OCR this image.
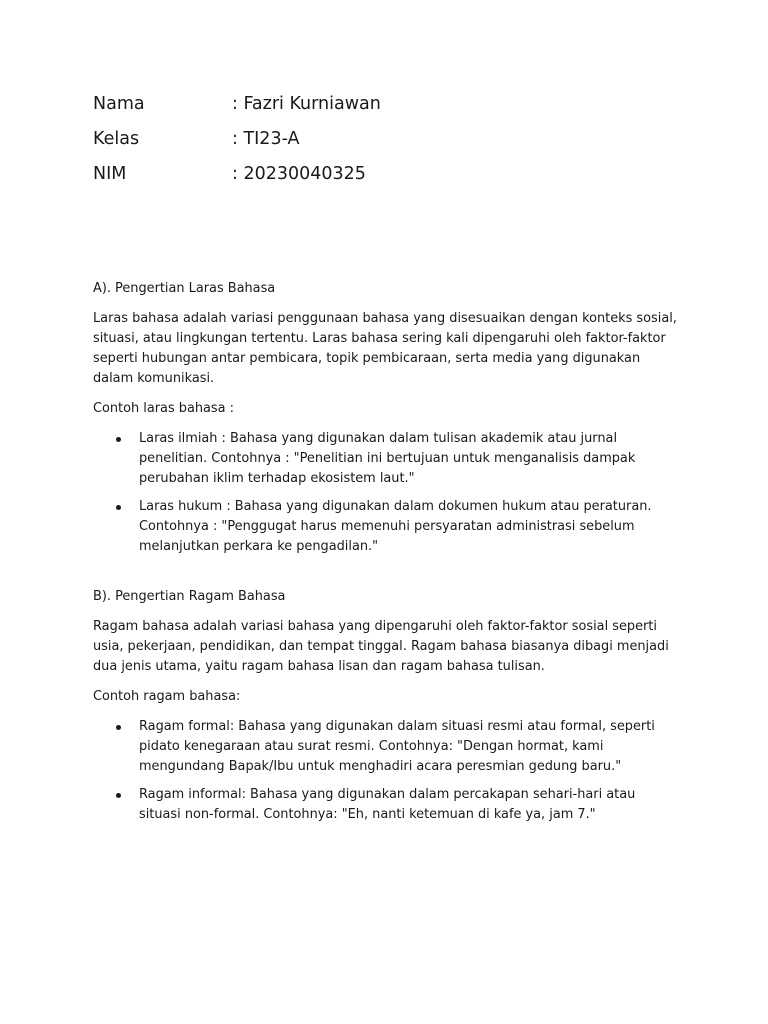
Nama	: Fazri Kurniawan
Kelas	: TI23-A
NIM	: 20230040325
A). Pengertian Laras Bahasa
Laras bahasa adalah variasi penggunaan bahasa yang disesuaikan dengan konteks sosial, situasi, atau lingkungan tertentu. Laras bahasa sering kali dipengaruhi oleh faktor-faktor seperti hubungan antar pembicara, topik pembicaraan, serta media yang digunakan dalam komunikasi.
Contoh laras bahasa :
Laras ilmiah : Bahasa yang digunakan dalam tulisan akademik atau jurnal penelitian. Contohnya : "Penelitian ini bertujuan untuk menganalisis dampak perubahan iklim terhadap ekosistem laut."
Laras hukum : Bahasa yang digunakan dalam dokumen hukum atau peraturan. Contohnya : "Penggugat harus memenuhi persyaratan administrasi sebelum melanjutkan perkara ke pengadilan."
B). Pengertian Ragam Bahasa
Ragam bahasa adalah variasi bahasa yang dipengaruhi oleh faktor-faktor sosial seperti usia, pekerjaan, pendidikan, dan tempat tinggal. Ragam bahasa biasanya dibagi menjadi dua jenis utama, yaitu ragam bahasa lisan dan ragam bahasa tulisan.
Contoh ragam bahasa:
Ragam formal: Bahasa yang digunakan dalam situasi resmi atau formal, seperti pidato kenegaraan atau surat resmi. Contohnya: "Dengan hormat, kami mengundang Bapak/Ibu untuk menghadiri acara peresmian gedung baru."
Ragam informal: Bahasa yang digunakan dalam percakapan sehari-hari atau situasi non-formal. Contohnya: "Eh, nanti ketemuan di kafe ya, jam 7."
